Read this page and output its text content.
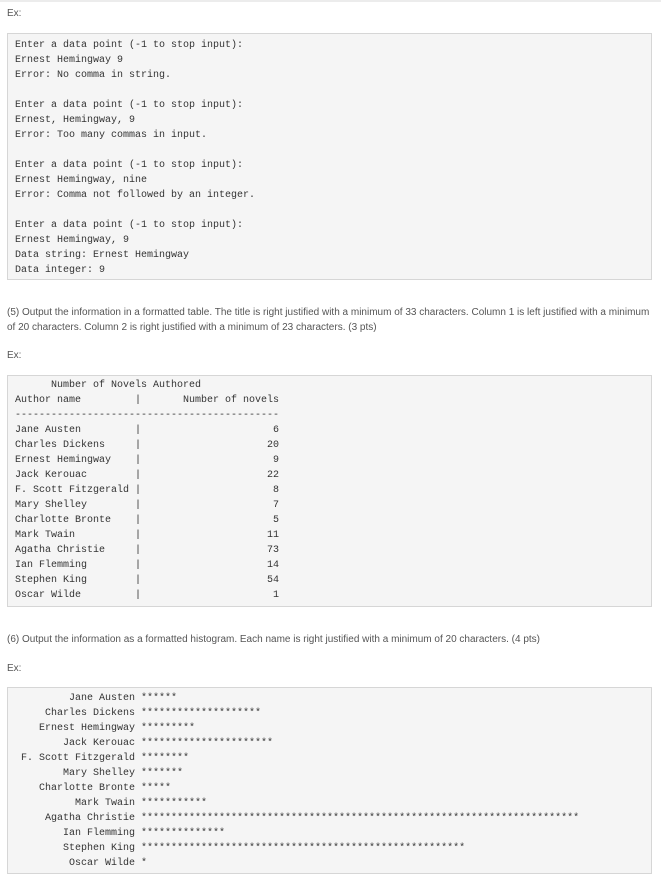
Ex:
Enter a data point (-1 to stop input):
Ernest Hemingway 9
Error: No comma in string.

Enter a data point (-1 to stop input):
Ernest, Hemingway, 9
Error: Too many commas in input.

Enter a data point (-1 to stop input):
Ernest Hemingway, nine
Error: Comma not followed by an integer.

Enter a data point (-1 to stop input):
Ernest Hemingway, 9
Data string: Ernest Hemingway
Data integer: 9
(5) Output the information in a formatted table. The title is right justified with a minimum of 33 characters. Column 1 is left justified with a minimum of 20 characters. Column 2 is right justified with a minimum of 23 characters. (3 pts)
Ex:
Number of Novels Authored
Author name         |       Number of novels
--------------------------------------------
Jane Austen         |                      6
Charles Dickens     |                     20
Ernest Hemingway    |                      9
Jack Kerouac        |                     22
F. Scott Fitzgerald |                      8
Mary Shelley        |                      7
Charlotte Bronte    |                      5
Mark Twain          |                     11
Agatha Christie     |                     73
Ian Flemming        |                     14
Stephen King        |                     54
Oscar Wilde         |                      1
(6) Output the information as a formatted histogram. Each name is right justified with a minimum of 20 characters. (4 pts)
Ex:
Jane Austen ******
Charles Dickens ********************
Ernest Hemingway *********
Jack Kerouac **********************
F. Scott Fitzgerald ********
Mary Shelley *******
Charlotte Bronte *****
Mark Twain ***********
Agatha Christie *************************************************************************
Ian Flemming **************
Stephen King ******************************************************
Oscar Wilde *
